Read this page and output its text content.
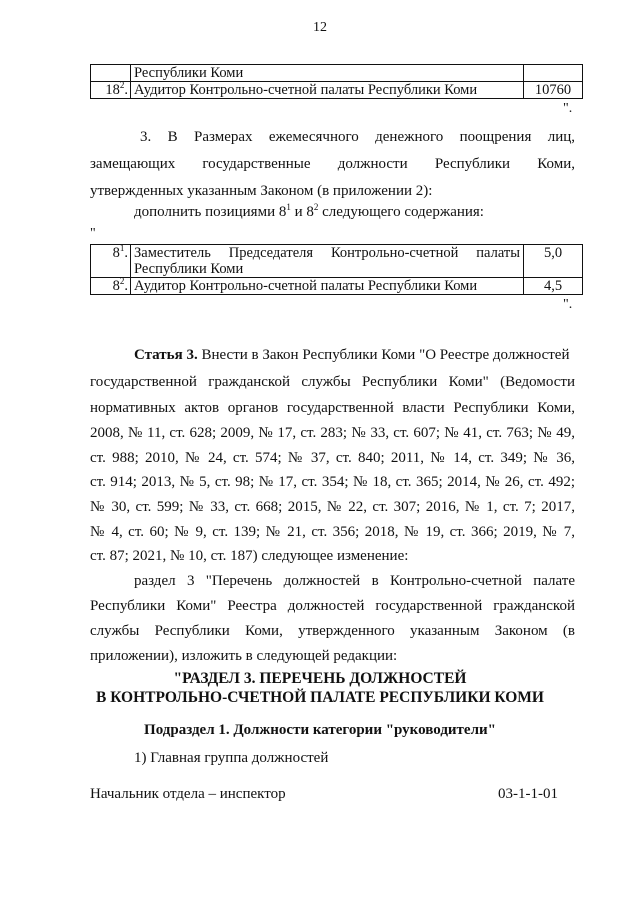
12
	Республики Коми	
$18^2$.	Аудитор Контрольно-счетной палаты Республики Коми	10760
".

3. В Размерах ежемесячного денежного поощрения лиц,

замещающих государственные должности Республики Коми,

утвержденных указанным Законом (в приложении 2):

дополнить позициями $8^1$ и $8^2$ следующего содержания:

"
$8^1$.	Заместитель Председателя Контрольно-счетной палаты
Республики Коми	5,0
$8^2$.	Аудитор Контрольно-счетной палаты Республики Коми	4,5
".

Статья 3. Внести в Закон Республики Коми "О Реестре должностей

государственной гражданской службы Республики Коми" (Ведомости

нормативных актов органов государственной власти Республики Коми,

2008, № 11, ст. 628; 2009, № 17, ст. 283; № 33, ст. 607; № 41, ст. 763; № 49,

ст. 988; 2010, № 24, ст. 574; № 37, ст. 840; 2011, № 14, ст. 349; № 36,

ст. 914; 2013, № 5, ст. 98; № 17, ст. 354; № 18, ст. 365; 2014, № 26, ст. 492;

№ 30, ст. 599; № 33, ст. 668; 2015, № 22, ст. 307; 2016, № 1, ст. 7; 2017,

№ 4, ст. 60; № 9, ст. 139; № 21, ст. 356; 2018, № 19, ст. 366; 2019, № 7,

ст. 87; 2021, № 10, ст. 187) следующее изменение:

раздел 3 "Перечень должностей в Контрольно-счетной палате

Республики Коми" Реестра должностей государственной гражданской

службы Республики Коми, утвержденного указанным Законом (в

приложении), изложить в следующей редакции:

"РАЗДЕЛ 3. ПЕРЕЧЕНЬ ДОЛЖНОСТЕЙ
В КОНТРОЛЬНО-СЧЕТНОЙ ПАЛАТЕ РЕСПУБЛИКИ КОМИ
Подраздел 1. Должности категории "руководители"

1) Главная группа должностей

Начальник отдела – инспектор	03-1-1-01
